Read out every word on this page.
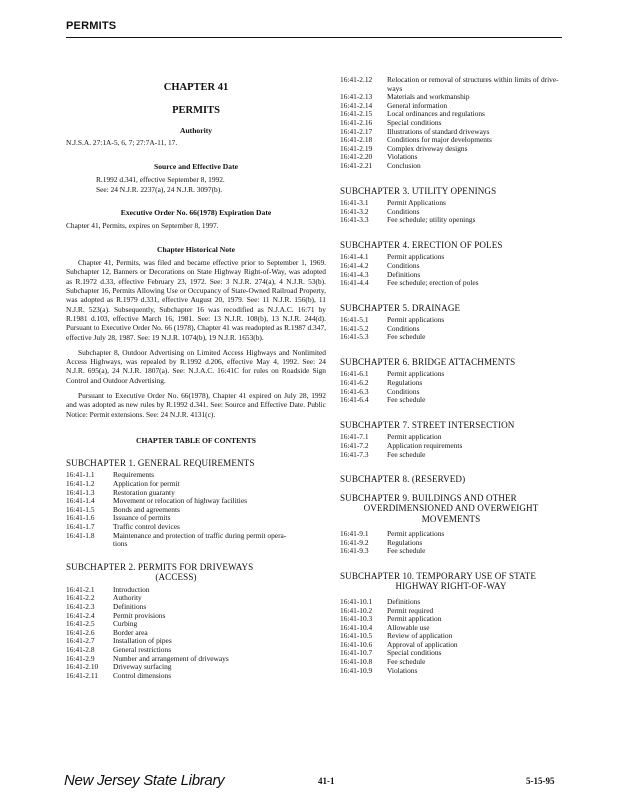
PERMITS
CHAPTER 41
PERMITS
Authority
N.J.S.A. 27:1A-5, 6, 7; 27:7A-11, 17.
Source and Effective Date
R.1992 d.341, effective September 8, 1992.
See: 24 N.J.R. 2237(a), 24 N.J.R. 3097(b).
Executive Order No. 66(1978) Expiration Date
Chapter 41, Permits, expires on September 8, 1997.
Chapter Historical Note
Chapter 41, Permits, was filed and became effective prior to September 1, 1969. Subchapter 12, Banners or Decorations on State Highway Right-of-Way, was adopted as R.1972 d.33, effective February 23, 1972. See: 3 N.J.R. 274(a), 4 N.J.R. 53(b). Subchapter 16, Permits Allowing Use or Occupancy of State-Owned Railroad Property, was adopted as R.1979 d.331, effective August 20, 1979. See: 11 N.J.R. 156(b), 11 N.J.R. 523(a). Subsequently, Subchapter 16 was recodified as N.J.A.C. 16:71 by R.1981 d.103, effective March 16, 1981. See: 13 N.J.R. 108(b), 13 N.J.R. 244(d). Pursuant to Executive Order No. 66 (1978), Chapter 41 was readopted as R.1987 d.347, effective July 28, 1987. See: 19 N.J.R. 1074(b), 19 N.J.R. 1653(b).
Subchapter 8, Outdoor Advertising on Limited Access Highways and Nonlimited Access Highways, was repealed by R.1992 d.206, effective May 4, 1992. See: 24 N.J.R. 695(a), 24 N.J.R. 1807(a). See: N.J.A.C. 16:41C for rules on Roadside Sign Control and Outdoor Advertising.
Pursuant to Executive Order No. 66(1978), Chapter 41 expired on July 28, 1992 and was adopted as new rules by R.1992 d.341. See: Source and Effective Date. Public Notice: Permit extensions. See: 24 N.J.R. 4131(c).
CHAPTER TABLE OF CONTENTS
SUBCHAPTER 1. GENERAL REQUIREMENTS
16:41-1.1	Requirements
16:41-1.2	Application for permit
16:41-1.3	Restoration guaranty
16:41-1.4	Movement or relocation of highway facilities
16:41-1.5	Bonds and agreements
16:41-1.6	Issuance of permits
16:41-1.7	Traffic control devices
16:41-1.8	Maintenance and protection of traffic during permit opera-
tions
SUBCHAPTER 2. PERMITS FOR DRIVEWAYS
(ACCESS)
16:41-2.1	Introduction
16:41-2.2	Authority
16:41-2.3	Definitions
16:41-2.4	Permit provisions
16:41-2.5	Curbing
16:41-2.6	Border area
16:41-2.7	Installation of pipes
16:41-2.8	General restrictions
16:41-2.9	Number and arrangement of driveways
16:41-2.10	Driveway surfacing
16:41-2.11	Control dimensions
16:41-2.12	Relocation or removal of structures within limits of drive-
ways
16:41-2.13	Materials and workmanship
16:41-2.14	General information
16:41-2.15	Local ordinances and regulations
16:41-2.16	Special conditions
16:41-2.17	Illustrations of standard driveways
16:41-2.18	Conditions for major developments
16:41-2.19	Complex driveway designs
16:41-2.20	Violations
16:41-2.21	Conclusion
SUBCHAPTER 3. UTILITY OPENINGS
16:41-3.1	Permit Applications
16:41-3.2	Conditions
16:41-3.3	Fee schedule; utility openings
SUBCHAPTER 4. ERECTION OF POLES
16:41-4.1	Permit applications
16:41-4.2	Conditions
16:41-4.3	Definitions
16:41-4.4	Fee schedule; erection of poles
SUBCHAPTER 5. DRAINAGE
16:41-5.1	Permit applications
16:41-5.2	Conditions
16:41-5.3	Fee schedule
SUBCHAPTER 6. BRIDGE ATTACHMENTS
16:41-6.1	Permit applications
16:41-6.2	Regulations
16:41-6.3	Conditions
16:41-6.4	Fee schedule
SUBCHAPTER 7. STREET INTERSECTION
16:41-7.1	Permit application
16:41-7.2	Application requirements
16:41-7.3	Fee schedule
SUBCHAPTER 8. (RESERVED)
SUBCHAPTER 9. BUILDINGS AND OTHER
OVERDIMENSIONED AND OVERWEIGHT
MOVEMENTS
16:41-9.1	Permit applications
16:41-9.2	Regulations
16:41-9.3	Fee schedule
SUBCHAPTER 10. TEMPORARY USE OF STATE
HIGHWAY RIGHT-OF-WAY
16:41-10.1	Definitions
16:41-10.2	Permit required
16:41-10.3	Permit application
16:41-10.4	Allowable use
16:41-10.5	Review of application
16:41-10.6	Approval of application
16:41-10.7	Special conditions
16:41-10.8	Fee schedule
16:41-10.9	Violations
New Jersey State Library	41-1	5-15-95
